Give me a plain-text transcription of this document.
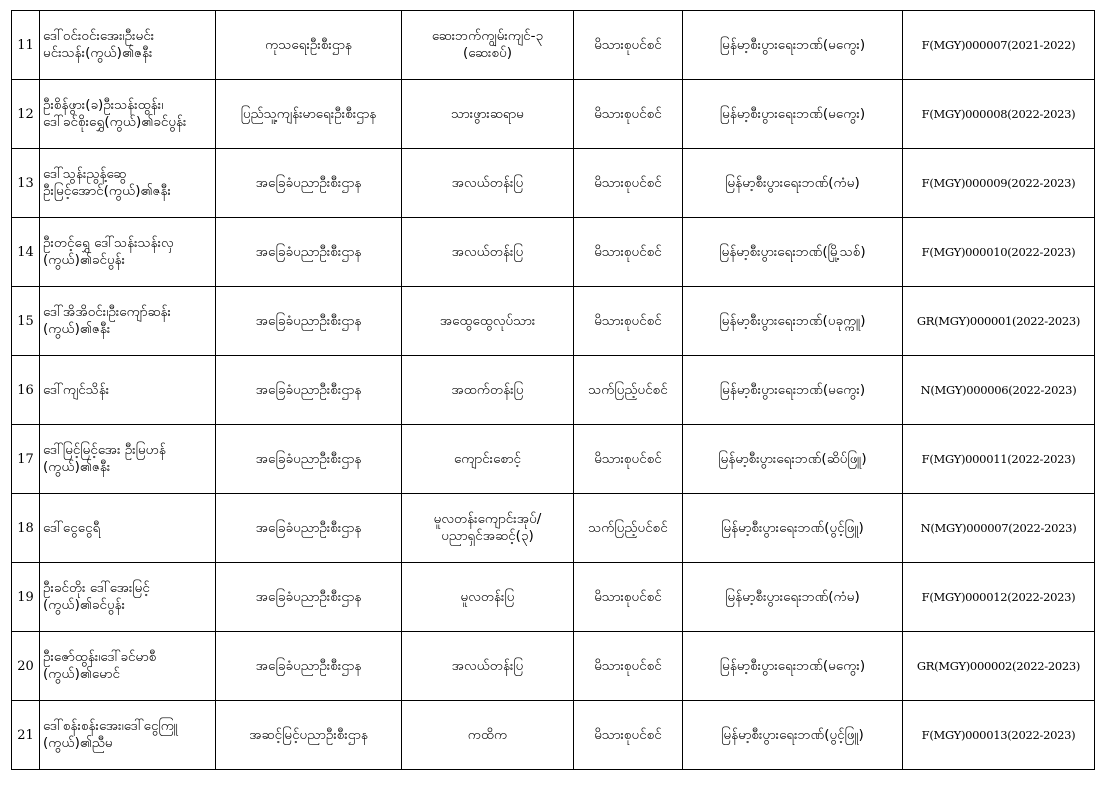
11	ဒေါ်ဝင်းဝင်းအေး၊ဦးမင်း
မင်းသန်း(ကွယ်)၏ဇနီး	ကုသရေးဦးစီးဌာန	ဆေးဘက်ကျွမ်းကျင်-၃
(ဆေးစပ်)	မိသားစုပင်စင်	မြန်မာ့စီးပွားရေးဘဏ်(မကွေး)	F(MGY)000007(2021-2022)
12	ဦးစိန်ဖွား(ခ)ဦးသန်းထွန်း၊
ဒေါ်ခင်စိုးရွှေ(ကွယ်)၏ခင်ပွန်း	ပြည်သူ့ကျန်းမာရေးဦးစီးဌာန	သားဖွားဆရာမ	မိသားစုပင်စင်	မြန်မာ့စီးပွားရေးဘဏ်(မကွေး)	F(MGY)000008(2022-2023)
13	ဒေါ်သွန်းညွန့်ဆွေ
ဦးမြင့်အောင်(ကွယ်)၏ဇနီး	အခြေခံပညာဦးစီးဌာန	အလယ်တန်းပြ	မိသားစုပင်စင်	မြန်မာ့စီးပွားရေးဘဏ်(ကံမ)	F(MGY)000009(2022-2023)
14	ဦးတင့်ရွှေ ဒေါ်သန်းသန်းလှ
(ကွယ်)၏ခင်ပွန်း	အခြေခံပညာဦးစီးဌာန	အလယ်တန်းပြ	မိသားစုပင်စင်	မြန်မာ့စီးပွားရေးဘဏ်(မြို့သစ်)	F(MGY)000010(2022-2023)
15	ဒေါ်အိအိဝင်း၊ဦးကျော်ဆန်း
(ကွယ်)၏ဇနီး	အခြေခံပညာဦးစီးဌာန	အထွေထွေလုပ်သား	မိသားစုပင်စင်	မြန်မာ့စီးပွားရေးဘဏ်(ပခုက္ကူ)	GR(MGY)000001(2022-2023)
16	ဒေါ်ကျင်သိန်း	အခြေခံပညာဦးစီးဌာန	အထက်တန်းပြ	သက်ပြည့်ပင်စင်	မြန်မာ့စီးပွားရေးဘဏ်(မကွေး)	N(MGY)000006(2022-2023)
17	ဒေါ်မြင့်မြင့်အေး ဦးမြဟန်
(ကွယ်)၏ဇနီး	အခြေခံပညာဦးစီးဌာန	ကျောင်းစောင့်	မိသားစုပင်စင်	မြန်မာ့စီးပွားရေးဘဏ်(ဆိပ်ဖြူ)	F(MGY)000011(2022-2023)
18	ဒေါ်ငွေငွေရီ	အခြေခံပညာဦးစီးဌာန	မူလတန်းကျောင်းအုပ်/
ပညာရှင်အဆင့်(၃)	သက်ပြည့်ပင်စင်	မြန်မာ့စီးပွားရေးဘဏ်(ပွင့်ဖြူ)	N(MGY)000007(2022-2023)
19	ဦးခင်တိုး ဒေါ်အေးမြင့်
(ကွယ်)၏ခင်ပွန်း	အခြေခံပညာဦးစီးဌာန	မူလတန်းပြ	မိသားစုပင်စင်	မြန်မာ့စီးပွားရေးဘဏ်(ကံမ)	F(MGY)000012(2022-2023)
20	ဦးဇော်ထွန်း၊ဒေါ်ခင်မာစီ
(ကွယ်)၏မောင်	အခြေခံပညာဦးစီးဌာန	အလယ်တန်းပြ	မိသားစုပင်စင်	မြန်မာ့စီးပွားရေးဘဏ်(မကွေး)	GR(MGY)000002(2022-2023)
21	ဒေါ်စန်းစန်းအေး၊ဒေါ်ငွေကြူ
(ကွယ်)၏ညီမ	အဆင့်မြင့်ပညာဦးစီးဌာန	ကထိက	မိသားစုပင်စင်	မြန်မာ့စီးပွားရေးဘဏ်(ပွင့်ဖြူ)	F(MGY)000013(2022-2023)
